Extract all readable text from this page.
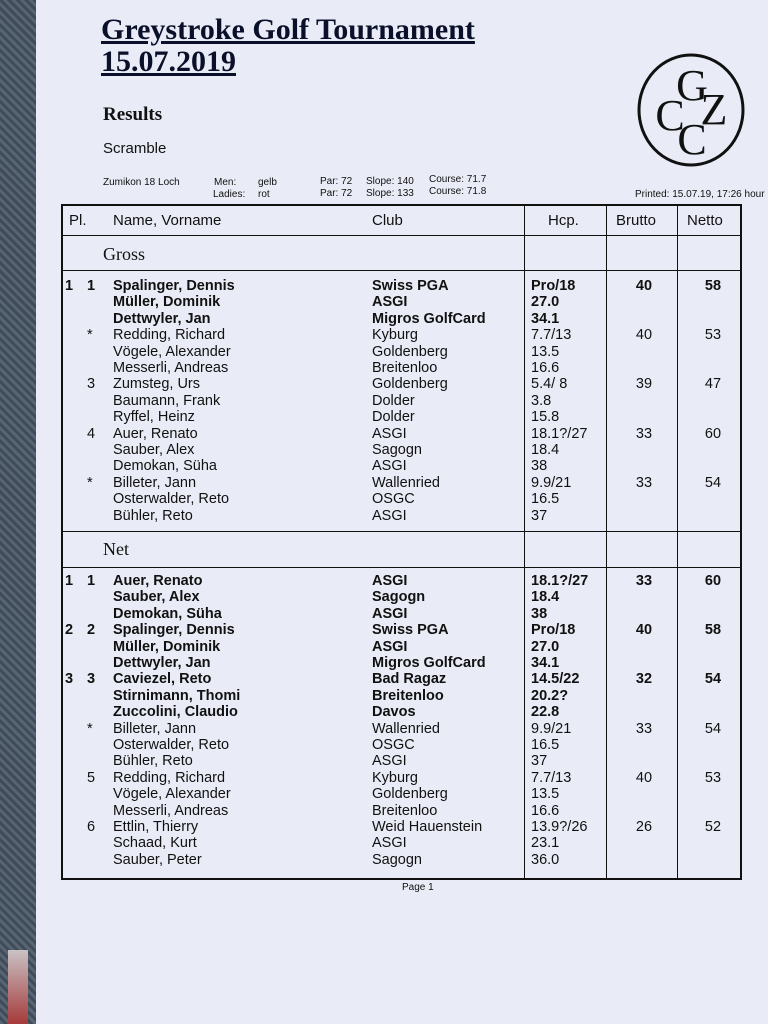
Greystroke Golf Tournament
15.07.2019
Results
Scramble
Zumikon 18 Loch	Men: gelb
Ladies: rot
Par: 72 Slope: 140 Course: 71.7
Par: 72 Slope: 133 Course: 71.8	Printed: 15.07.19, 17:26 hour
G
C Z
C
Pl. Name, Vorname	Club	Hcp. Brutto Netto
Gross
Net
1 1 Spalinger, Dennis	Swiss PGA	Pro/18	40	58
Müller, Dominik	ASGI	27.0
Dettwyler, Jan	Migros GolfCard	34.1
* Redding, Richard	Kyburg	7.7/13	40	53
Vögele, Alexander	Goldenberg	13.5
Messerli, Andreas	Breitenloo	16.6
3 Zumsteg, Urs	Goldenberg	5.4/ 8	39	47
Baumann, Frank	Dolder	3.8
Ryffel, Heinz	Dolder	15.8
4 Auer, Renato	ASGI	18.1?/27	33	60
Sauber, Alex	Sagogn	18.4
Demokan, Süha	ASGI	38
* Billeter, Jann	Wallenried	9.9/21	33	54
Osterwalder, Reto	OSGC	16.5
Bühler, Reto	ASGI	37
1 1 Auer, Renato	ASGI	18.1?/27	33	60
Sauber, Alex	Sagogn	18.4
Demokan, Süha	ASGI	38
2 2 Spalinger, Dennis	Swiss PGA	Pro/18	40	58
Müller, Dominik	ASGI	27.0
Dettwyler, Jan	Migros GolfCard	34.1
3 3 Caviezel, Reto	Bad Ragaz	14.5/22	32	54
Stirnimann, Thomi	Breitenloo	20.2?
Zuccolini, Claudio	Davos	22.8
* Billeter, Jann	Wallenried	9.9/21	33	54
Osterwalder, Reto	OSGC	16.5
Bühler, Reto	ASGI	37
5 Redding, Richard	Kyburg	7.7/13	40	53
Vögele, Alexander	Goldenberg	13.5
Messerli, Andreas	Breitenloo	16.6
6 Ettlin, Thierry	Weid Hauenstein	13.9?/26	26	52
Schaad, Kurt	ASGI	23.1
Sauber, Peter	Sagogn	36.0
Page 1
